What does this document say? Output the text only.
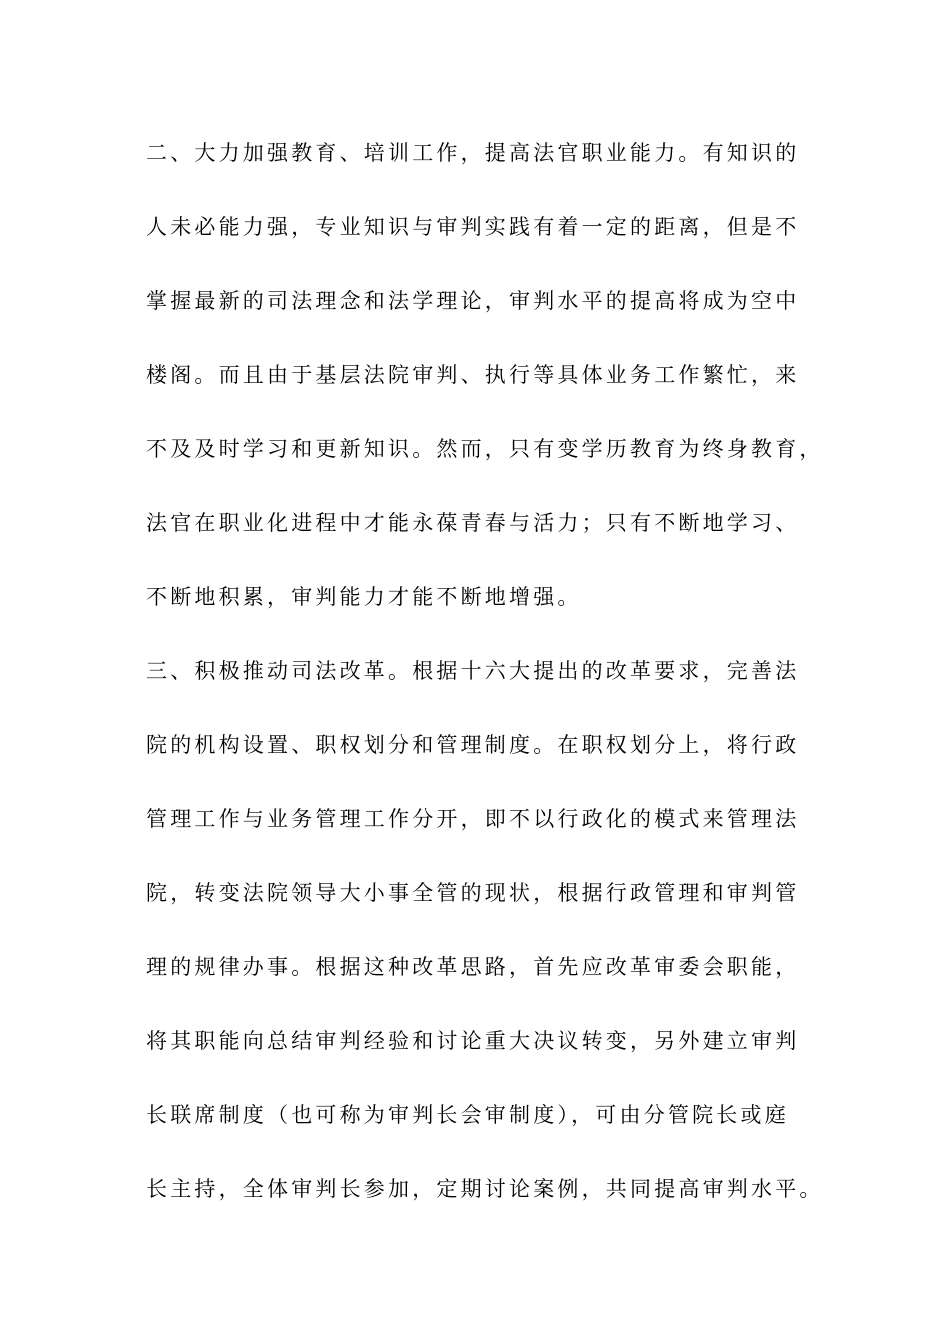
二、大力加强教育、培训工作，提高法官职业能力。有知识的
人未必能力强，专业知识与审判实践有着一定的距离，但是不
掌握最新的司法理念和法学理论，审判水平的提高将成为空中
楼阁。而且由于基层法院审判、执行等具体业务工作繁忙，来
不及及时学习和更新知识。然而，只有变学历教育为终身教育，
法官在职业化进程中才能永葆青春与活力；只有不断地学习、
不断地积累，审判能力才能不断地增强。
三、积极推动司法改革。根据十六大提出的改革要求，完善法
院的机构设置、职权划分和管理制度。在职权划分上，将行政
管理工作与业务管理工作分开，即不以行政化的模式来管理法
院，转变法院领导大小事全管的现状，根据行政管理和审判管
理的规律办事。根据这种改革思路，首先应改革审委会职能，
将其职能向总结审判经验和讨论重大决议转变，另外建立审判
长联席制度（也可称为审判长会审制度），可由分管院长或庭
长主持，全体审判长参加，定期讨论案例，共同提高审判水平。
